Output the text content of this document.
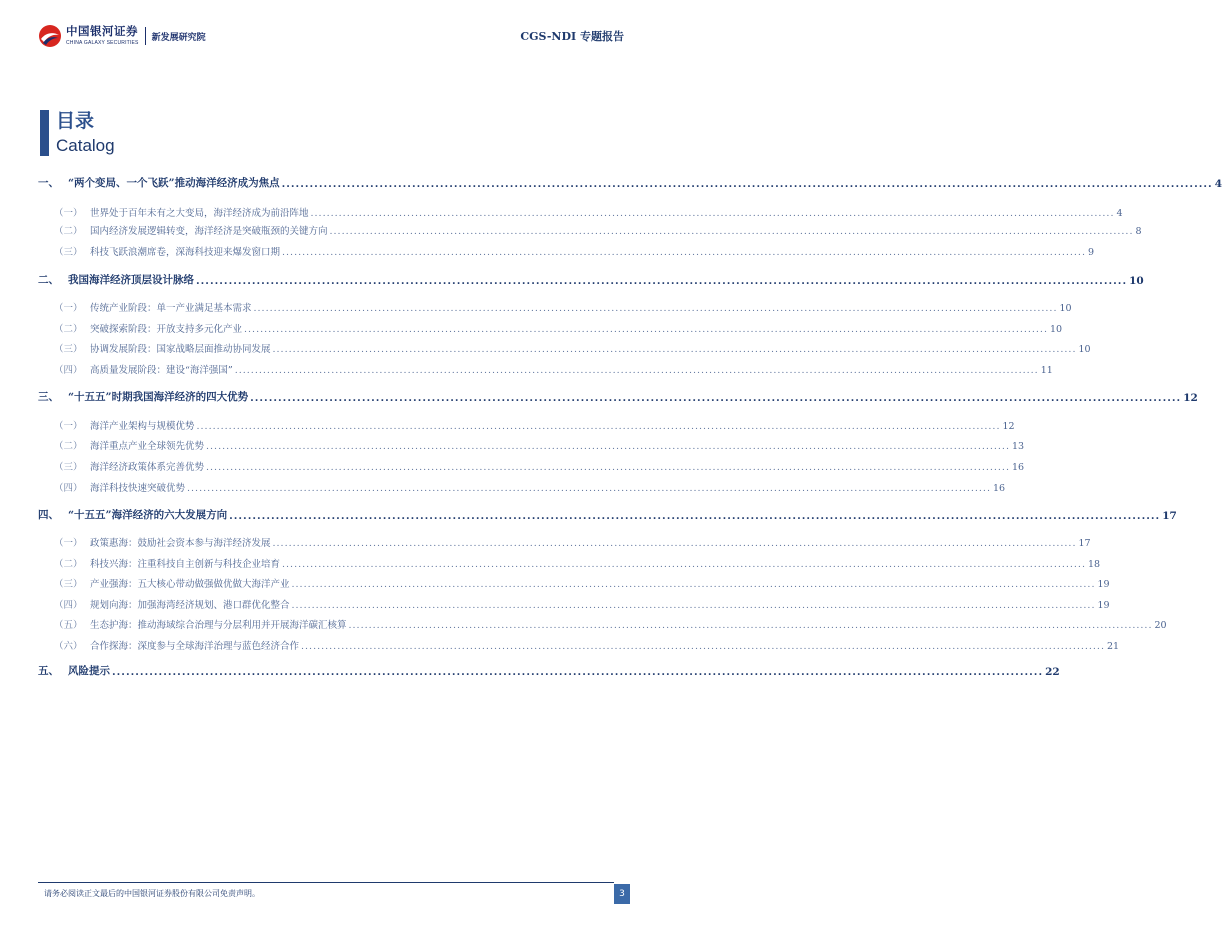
中国银河证券
CHINA GALAXY SECURITIES
新发展研究院	CGS-NDI 专题报告
目录
Catalog
一、 “两个变局、一个飞跃”推动海洋经济成为焦点 ........................................................................................................................................................................................................ 4
（一） 世界处于百年未有之大变局，海洋经济成为前沿阵地 ........................................................................................................................................................................................................ 4
（二） 国内经济发展逻辑转变，海洋经济是突破瓶颈的关键方向 ........................................................................................................................................................................................................ 8
（三） 科技飞跃浪潮席卷，深海科技迎来爆发窗口期 ........................................................................................................................................................................................................ 9
二、 我国海洋经济顶层设计脉络 ........................................................................................................................................................................................................ 10
（一） 传统产业阶段：单一产业满足基本需求 ........................................................................................................................................................................................................ 10
（二） 突破探索阶段：开放支持多元化产业 ........................................................................................................................................................................................................ 10
（三） 协调发展阶段：国家战略层面推动协同发展 ........................................................................................................................................................................................................ 10
（四） 高质量发展阶段：建设“海洋强国” ........................................................................................................................................................................................................ 11
三、 “十五五”时期我国海洋经济的四大优势 ........................................................................................................................................................................................................ 12
（一） 海洋产业架构与规模优势 ........................................................................................................................................................................................................ 12
（二） 海洋重点产业全球领先优势 ........................................................................................................................................................................................................ 13
（三） 海洋经济政策体系完善优势 ........................................................................................................................................................................................................ 16
（四） 海洋科技快速突破优势 ........................................................................................................................................................................................................ 16
四、 “十五五”海洋经济的六大发展方向 ........................................................................................................................................................................................................ 17
（一） 政策惠海：鼓励社会资本参与海洋经济发展 ........................................................................................................................................................................................................ 17
（二） 科技兴海：注重科技自主创新与科技企业培育 ........................................................................................................................................................................................................ 18
（三） 产业强海：五大核心带动做强做优做大海洋产业 ........................................................................................................................................................................................................ 19
（四） 规划向海：加强海湾经济规划、港口群优化整合 ........................................................................................................................................................................................................ 19
（五） 生态护海：推动海域综合治理与分层利用并开展海洋碳汇核算 ........................................................................................................................................................................................................ 20
（六） 合作探海：深度参与全球海洋治理与蓝色经济合作 ........................................................................................................................................................................................................ 21
五、 风险提示 ........................................................................................................................................................................................................ 22
请务必阅读正文最后的中国银河证券股份有限公司免责声明。	3
